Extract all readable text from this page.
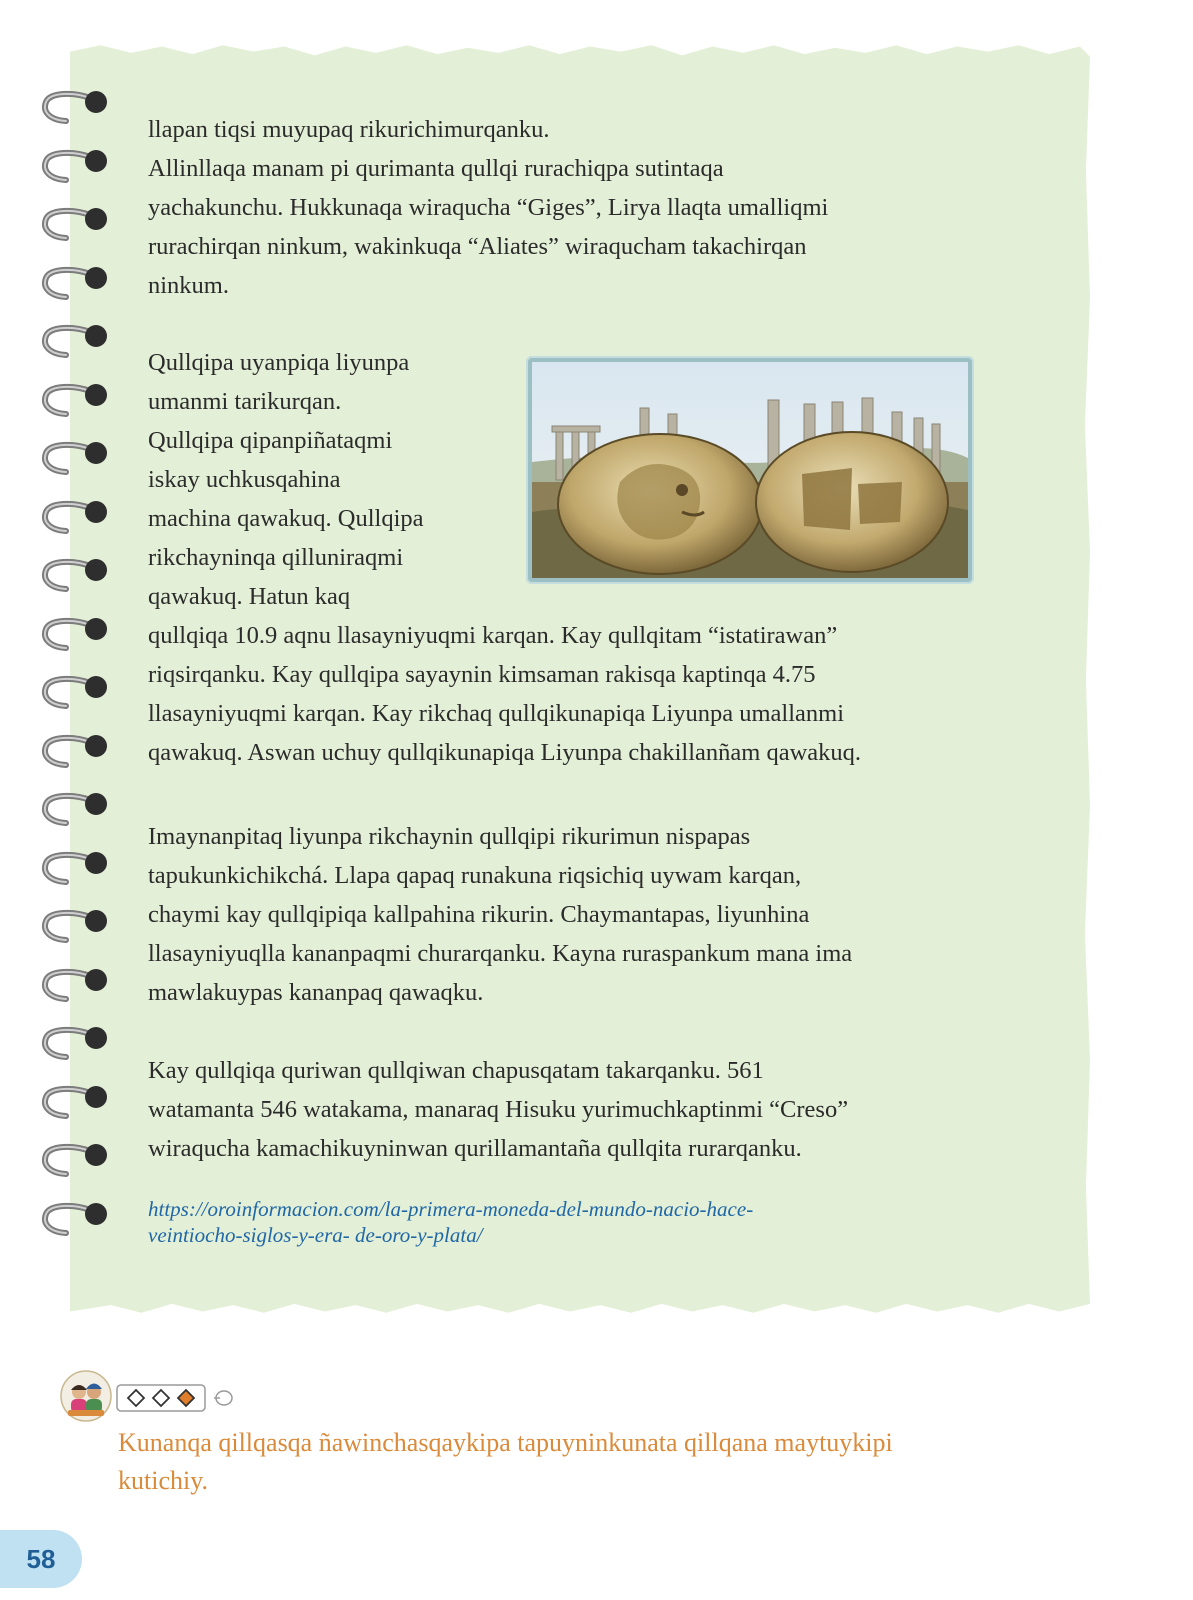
llapan tiqsi muyupaq rikurichimurqanku.

Allinllaqa manam pi qurimanta qullqi rurachiqpa sutintaqa

yachakunchu. Hukkunaqa wiraqucha “Giges”, Lirya llaqta umalliqmi

rurachirqan ninkum, wakinkuqa “Aliates” wiraqucham takachirqan

ninkum.

Qullqipa uyanpiqa liyunpa

umanmi tarikurqan.

Qullqipa qipanpiñataqmi

iskay uchkusqahina

machina qawakuq. Qullqipa

rikchayninqa qilluniraqmi

qawakuq. Hatun kaq

qullqiqa 10.9 aqnu llasayniyuqmi karqan. Kay qullqitam “istatirawan”

riqsirqanku. Kay qullqipa sayaynin kimsaman rakisqa kaptinqa 4.75

llasayniyuqmi karqan. Kay rikchaq qullqikunapiqa Liyunpa umallanmi

qawakuq. Aswan uchuy qullqikunapiqa Liyunpa chakillanñam qawakuq.

Imaynanpitaq liyunpa rikchaynin qullqipi rikurimun nispapas

tapukunkichikchá. Llapa qapaq runakuna riqsichiq uywam karqan,

chaymi kay qullqipiqa kallpahina rikurin. Chaymantapas, liyunhina

llasayniyuqlla kananpaqmi churarqanku. Kayna ruraspankum mana ima

mawlakuypas kananpaq qawaqku.

Kay qullqiqa quriwan qullqiwan chapusqatam takarqanku. 561

watamanta 546 watakama, manaraq Hisuku yurimuchkaptinmi “Creso”

wiraqucha kamachikuyninwan qurillamantaña qullqita rurarqanku.

https://oroinformacion.com/la-primera-moneda-del-mundo-nacio-hace-
veintiocho-siglos-y-era- de-oro-y-plata/
Kunanqa qillqasqa ñawinchasqaykipa tapuyninkunata qillqana maytuykipi
kutichiy.
58
